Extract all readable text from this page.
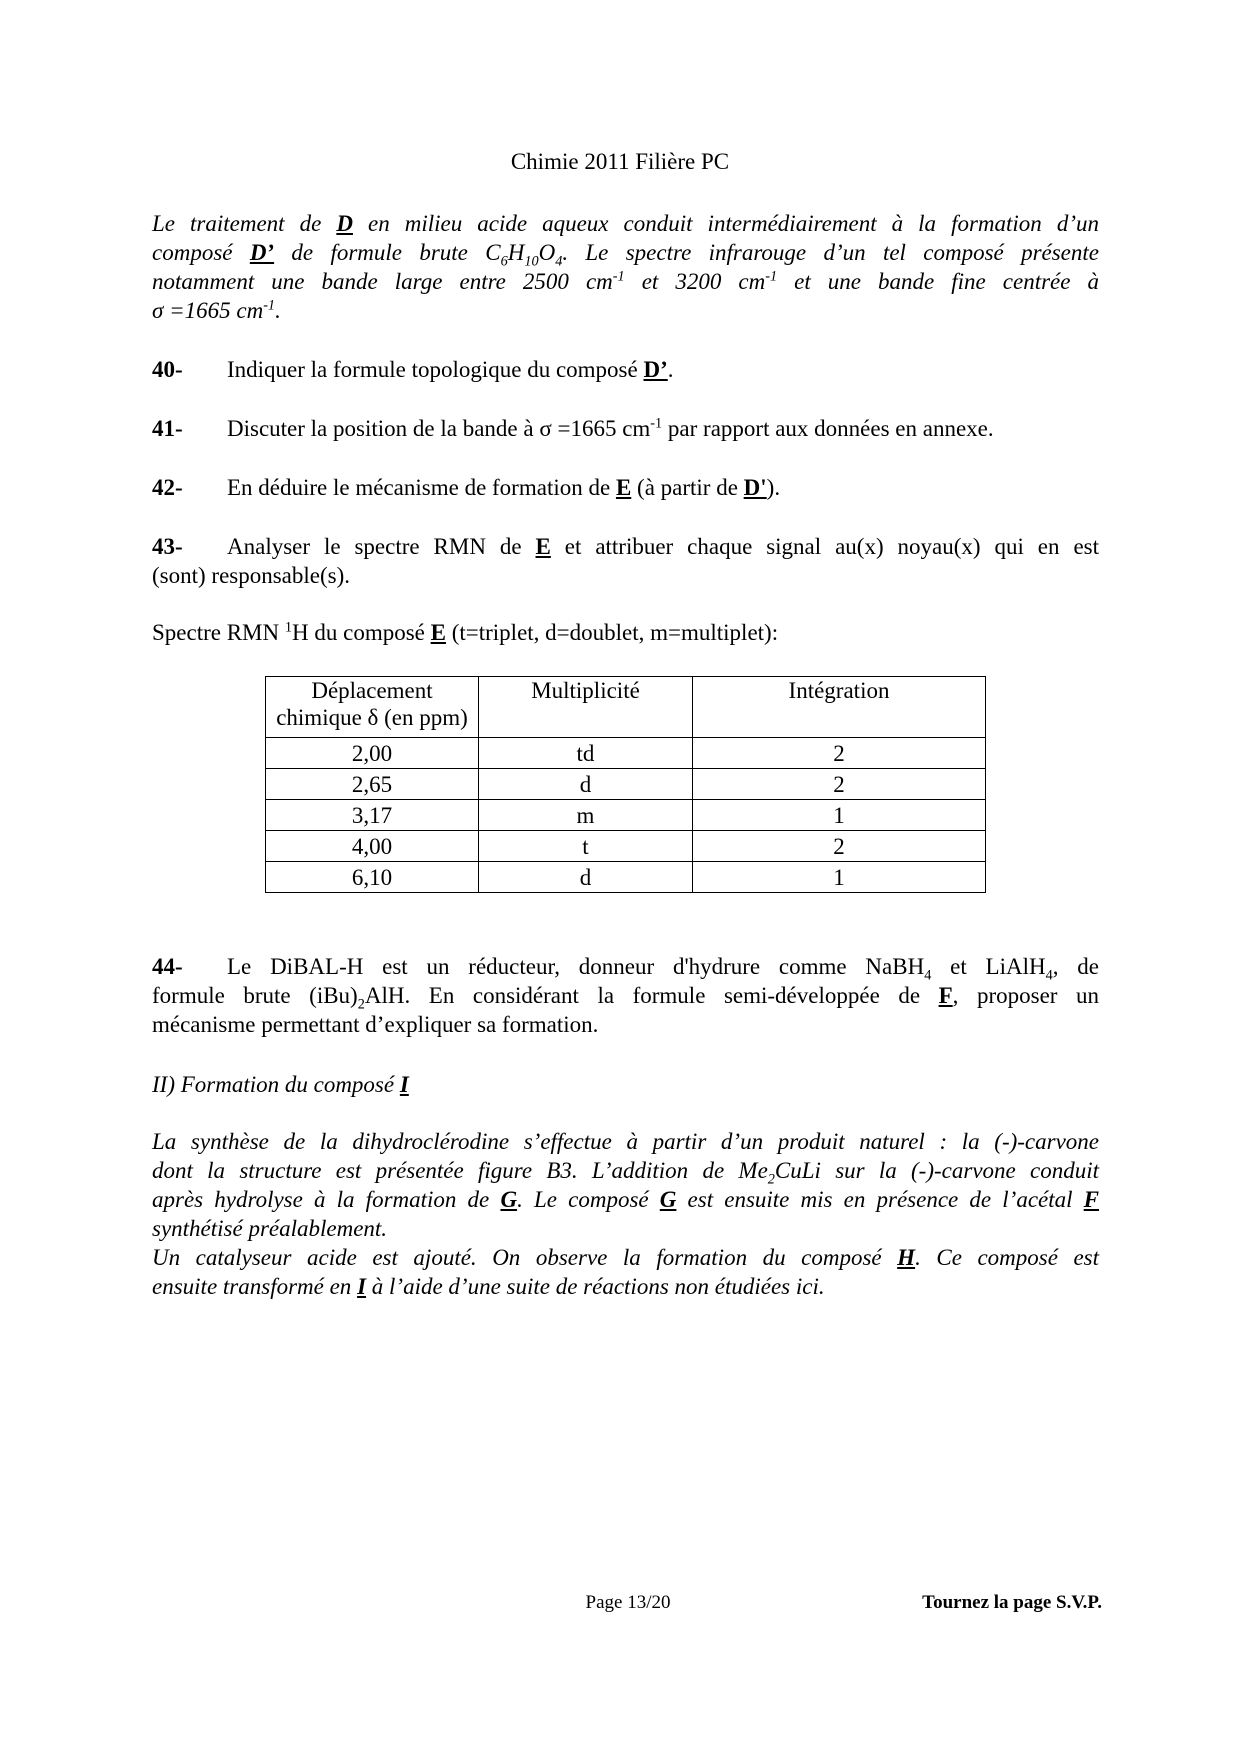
Chimie 2011 Filière PC
Le traitement de D en milieu acide aqueux conduit intermédiairement à la formation d’un
composé D’ de formule brute $C_6H_{10}O_4$. Le spectre infrarouge d’un tel composé présente
notamment une bande large entre 2500 $cm^{-1}$ et 3200 $cm^{-1}$ et une bande fine centrée à
σ =1665 $cm^{-1}$.
40- Indiquer la formule topologique du composé D’.
41- Discuter la position de la bande à σ =1665 $cm^{-1}$ par rapport aux données en annexe.
42- En déduire le mécanisme de formation de E (à partir de D').
43- Analyser le spectre RMN de E et attribuer chaque signal au(x) noyau(x) qui en est
(sont) responsable(s).
Spectre RMN $^1$H du composé E (t=triplet, d=doublet, m=multiplet):
Déplacement chimique δ (en ppm)	Multiplicité	Intégration
2,00	td	2
2,65	d	2
3,17	m	1
4,00	t	2
6,10	d	1
44- Le DiBAL-H est un réducteur, donneur d'hydrure comme NaBH$_4$ et LiAlH$_4$, de
formule brute $(iBu)_2AlH$. En considérant la formule semi-développée de F, proposer un
mécanisme permettant d’expliquer sa formation.
II) Formation du composé I
La synthèse de la dihydroclérodine s’effectue à partir d’un produit naturel : la (-)-carvone
dont la structure est présentée figure B3. L’addition de $Me_2CuLi$ sur la (-)-carvone conduit
après hydrolyse à la formation de G. Le composé G est ensuite mis en présence de l’acétal F
synthétisé préalablement.
Un catalyseur acide est ajouté. On observe la formation du composé H. Ce composé est
ensuite transformé en I à l’aide d’une suite de réactions non étudiées ici.
Page 13/20	Tournez la page S.V.P.
